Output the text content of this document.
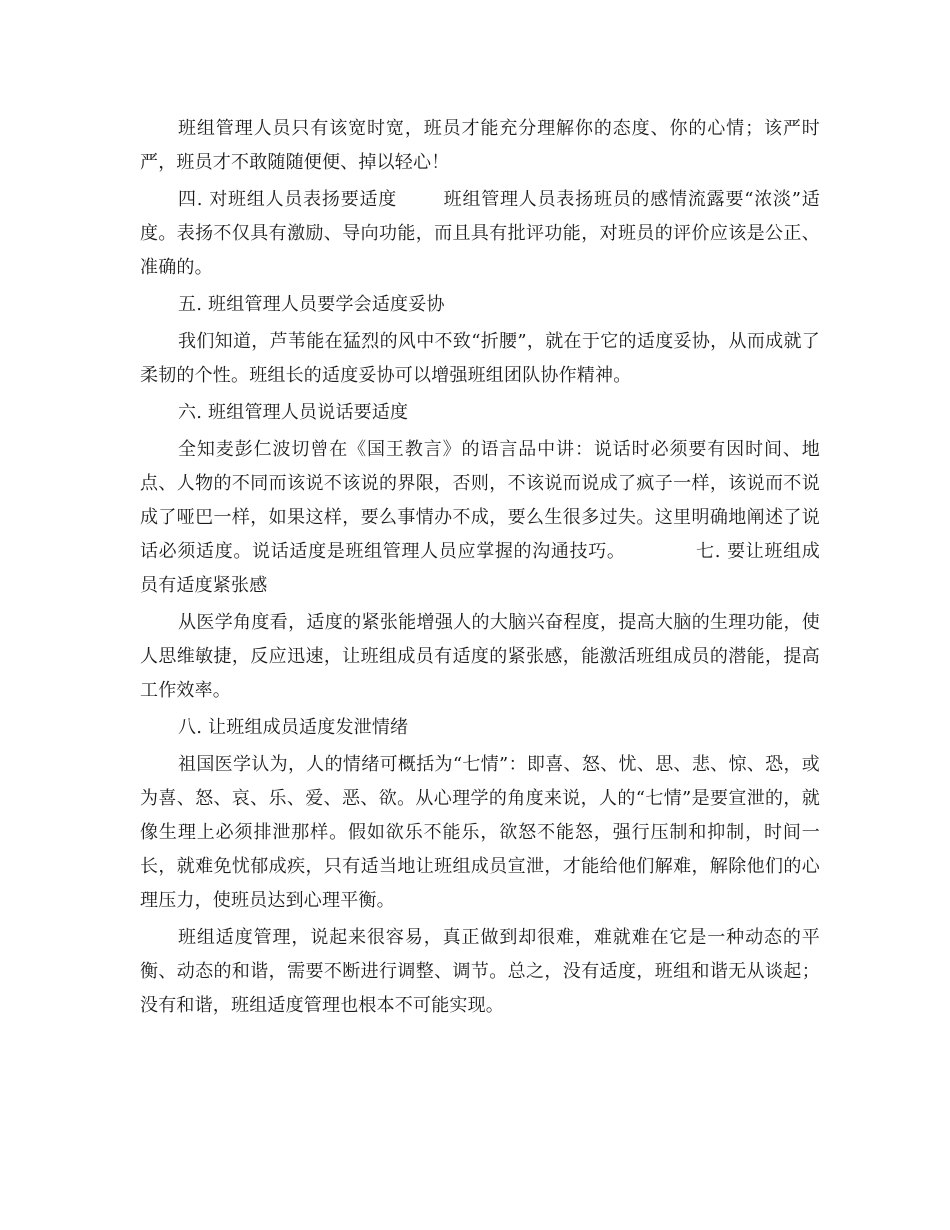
班组管理人员只有该宽时宽，班员才能充分理解你的态度、你的心情；该严时严，班员才不敢随随便便、掉以轻心！

四. 对班组人员表扬要适度	班组管理人员表扬班员的感情流露要“浓淡”适度。表扬不仅具有激励、导向功能，而且具有批评功能，对班员的评价应该是公正、准确的。

五. 班组管理人员要学会适度妥协

我们知道，芦苇能在猛烈的风中不致“折腰”，就在于它的适度妥协，从而成就了柔韧的个性。班组长的适度妥协可以增强班组团队协作精神。

六. 班组管理人员说话要适度

全知麦彭仁波切曾在《国王教言》的语言品中讲：说话时必须要有因时间、地点、人物的不同而该说不该说的界限，否则，不该说而说成了疯子一样，该说而不说成了哑巴一样，如果这样，要么事情办不成，要么生很多过失。这里明确地阐述了说话必须适度。说话适度是班组管理人员应掌握的沟通技巧。	七. 要让班组成员有适度紧张感

从医学角度看，适度的紧张能增强人的大脑兴奋程度，提高大脑的生理功能，使人思维敏捷，反应迅速，让班组成员有适度的紧张感，能激活班组成员的潜能，提高工作效率。

八. 让班组成员适度发泄情绪

祖国医学认为，人的情绪可概括为“七情”：即喜、怒、忧、思、悲、惊、恐，或为喜、怒、哀、乐、爱、恶、欲。从心理学的角度来说，人的“七情”是要宣泄的，就像生理上必须排泄那样。假如欲乐不能乐，欲怒不能怒，强行压制和抑制，时间一长，就难免忧郁成疾，只有适当地让班组成员宣泄，才能给他们解难，解除他们的心理压力，使班员达到心理平衡。

班组适度管理，说起来很容易，真正做到却很难，难就难在它是一种动态的平衡、动态的和谐，需要不断进行调整、调节。总之，没有适度，班组和谐无从谈起；没有和谐，班组适度管理也根本不可能实现。
